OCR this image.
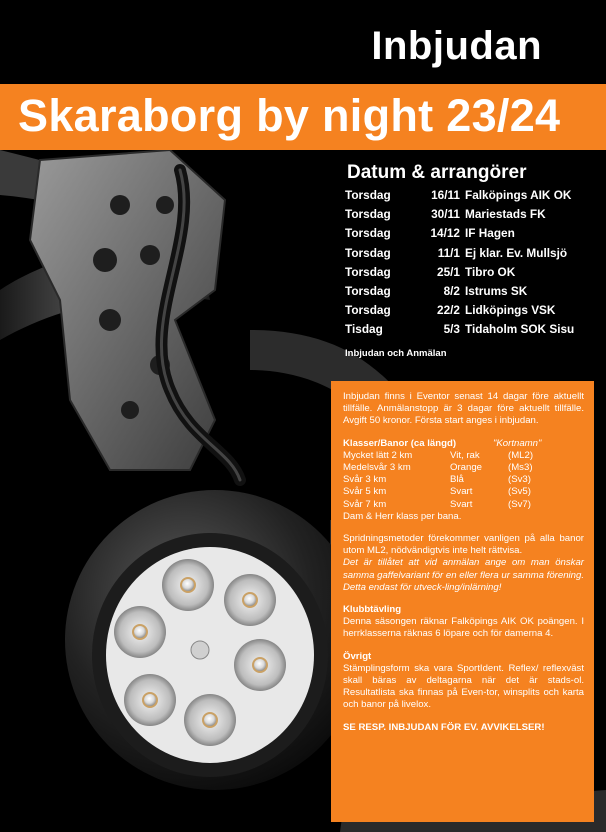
Inbjudan
Skaraborg by night 23/24
Datum & arrangörer
Torsdag	16/11 Falköpings AIK OK
Torsdag	30/11 Mariestads FK
Torsdag	14/12 IF Hagen
Torsdag	11/1 Ej klar. Ev. Mullsjö
Torsdag	25/1 Tibro OK
Torsdag	8/2 Istrums SK
Torsdag	22/2 Lidköpings VSK
Tisdag	5/3 Tidaholm SOK Sisu
Inbjudan och Anmälan

Inbjudan finns i Eventor senast 14 dagar före aktuellt tillfälle. Anmälanstopp är 3 dagar före aktuellt tillfälle. Avgift 50 kronor. Första start anges i inbjudan.

Klasser/Banor (ca längd)	"Kortnamn"
Mycket lätt 2 km	Vit, rak	(ML2)
Medelsvår 3 km	Orange	(Ms3)
Svår 3 km	Blå	(Sv3)
Svår 5 km	Svart	(Sv5)
Svår 7 km	Svart	(Sv7)

Dam & Herr klass per bana.

Spridningsmetoder förekommer vanligen på alla banor utom ML2, nödvändigtvis inte helt rättvisa.

Det är tillåtet att vid anmälan ange om man önskar samma gaffelvariant för en eller flera ur samma förening. Detta endast för utveck-ling/inlärning!

Klubbtävling

Denna säsongen räknar Falköpings AIK OK poängen. I herrklasserna räknas 6 löpare och för damerna 4.

Övrigt

Stämplingsform ska vara SportIdent. Reflex/ reflexväst skall bäras av deltagarna när det är stads-ol. Resultatlista ska finnas på Even-tor, winsplits och karta och banor på livelox.

SE RESP. INBJUDAN FÖR EV. AVVIKELSER!
